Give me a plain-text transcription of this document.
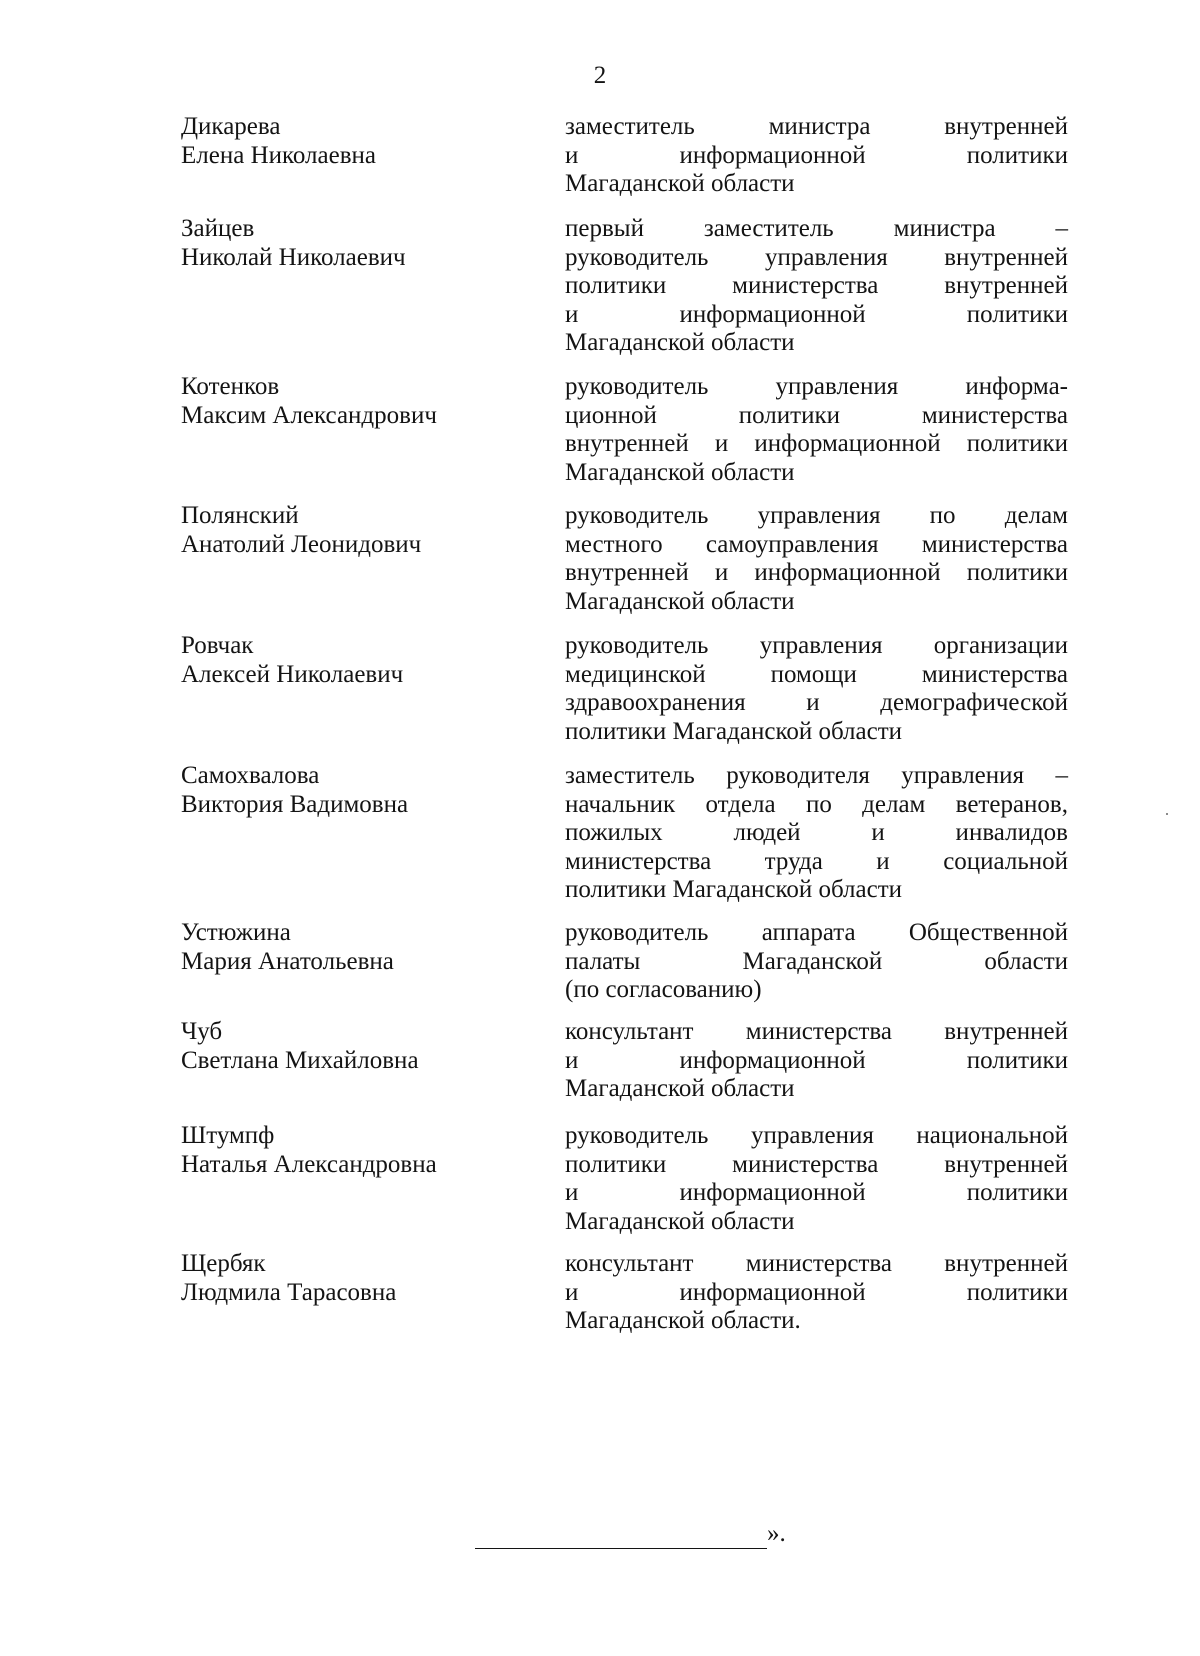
2
Дикарева
Елена Николаевна
заместитель министра внутренней
и информационной политики
Магаданской области
Зайцев
Николай Николаевич
первый заместитель министра –
руководитель управления внутренней
политики министерства внутренней
и информационной политики
Магаданской области
Котенков
Максим Александрович
руководитель управления информа-
ционной политики министерства
внутренней и информационной политики
Магаданской области
Полянский
Анатолий Леонидович
руководитель управления по делам
местного самоуправления министерства
внутренней и информационной политики
Магаданской области
Ровчак
Алексей Николаевич
руководитель управления организации
медицинской помощи министерства
здравоохранения и демографической
политики Магаданской области
Самохвалова
Виктория Вадимовна
заместитель руководителя управления –
начальник отдела по делам ветеранов,
пожилых людей и инвалидов
министерства труда и социальной
политики Магаданской области
Устюжина
Мария Анатольевна
руководитель аппарата Общественной
палаты Магаданской области
(по согласованию)
Чуб
Светлана Михайловна
консультант министерства внутренней
и информационной политики
Магаданской области
Штумпф
Наталья Александровна
руководитель управления национальной
политики министерства внутренней
и информационной политики
Магаданской области
Щербяк
Людмила Тарасовна
консультант министерства внутренней
и информационной политики
Магаданской области.
».
